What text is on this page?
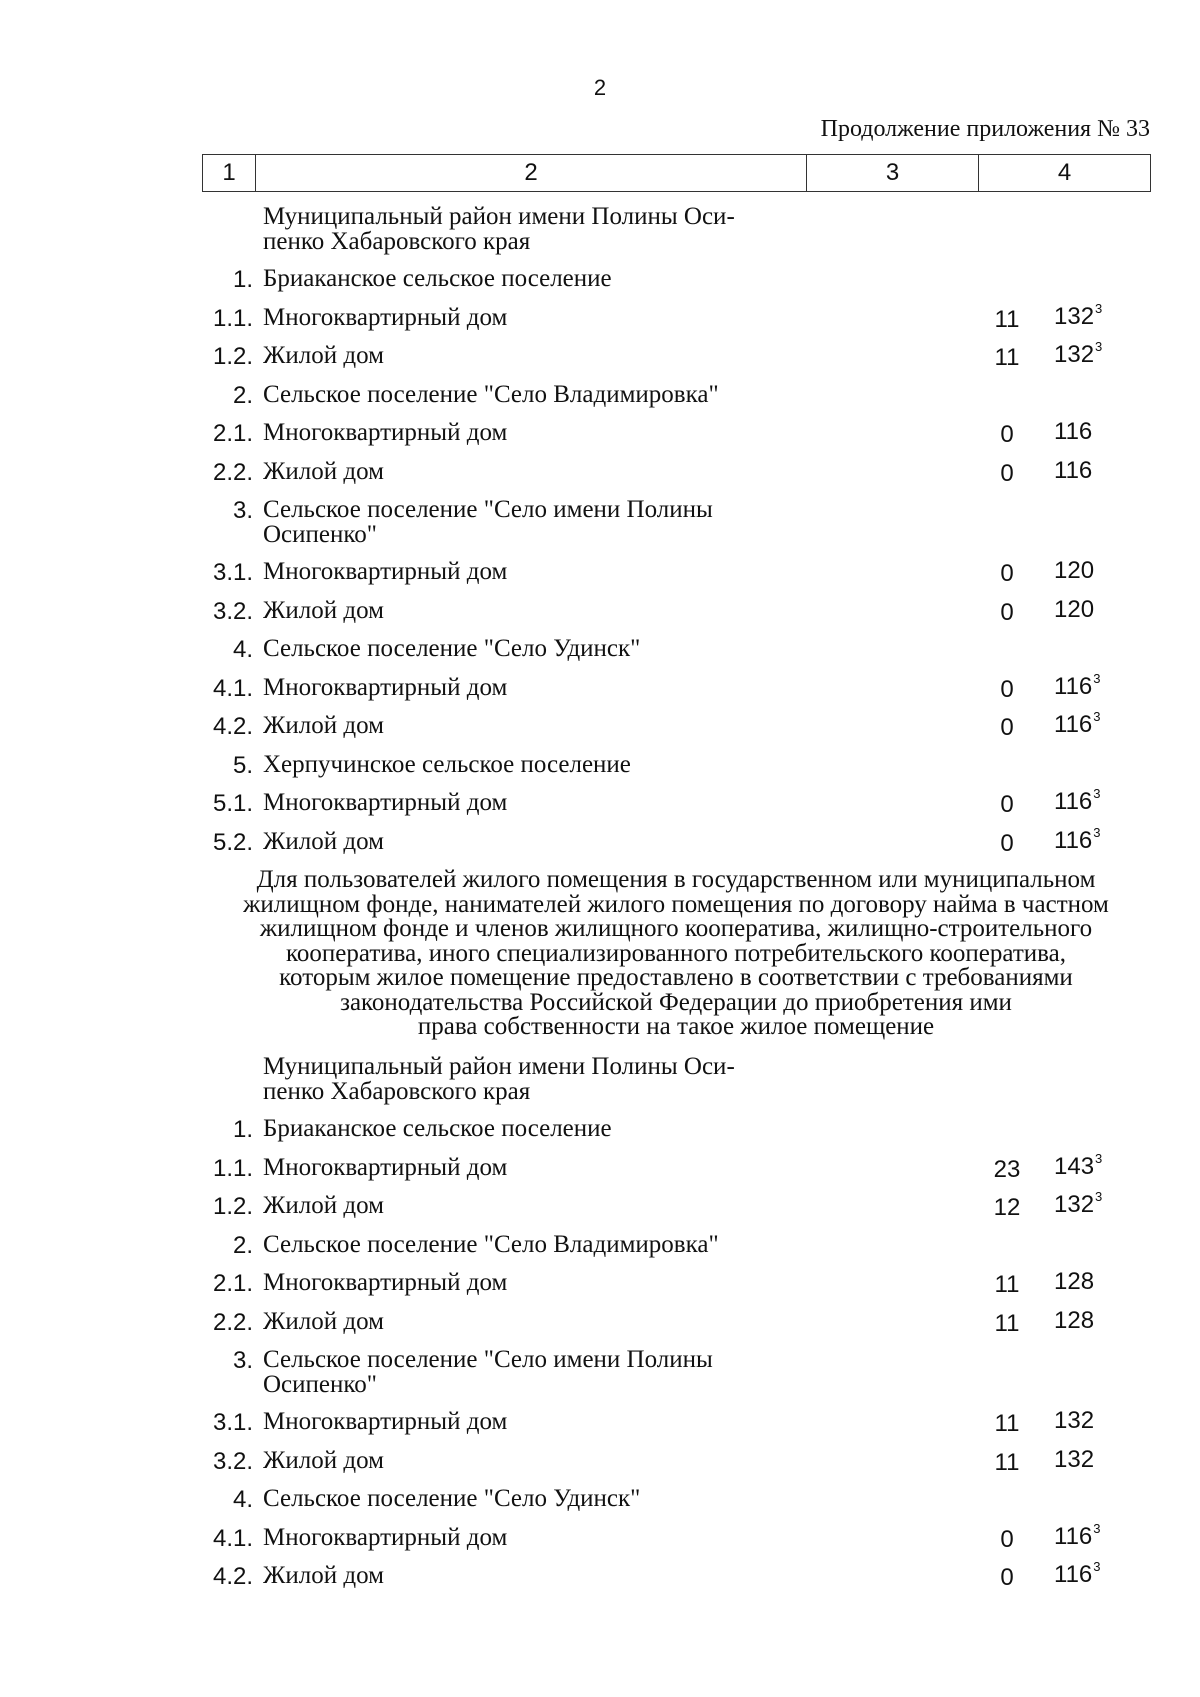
2
Продолжение приложения № 33
1	2	3	4
Муниципальный район имени Полины Оси-
пенко Хабаровского края
1. Бриаканское сельское поселение
1.1. Многоквартирный дом	11 $132^3$
1.2. Жилой дом	11 $132^3$
2. Сельское поселение "Село Владимировка"
2.1. Многоквартирный дом	0 116
2.2. Жилой дом	0 116
3. Сельское поселение "Село имени Полины
Осипенко"
3.1. Многоквартирный дом	0 120
3.2. Жилой дом	0 120
4. Сельское поселение "Село Удинск"
4.1. Многоквартирный дом	0 $116^3$
4.2. Жилой дом	0 $116^3$
5. Херпучинское сельское поселение
5.1. Многоквартирный дом	0 $116^3$
5.2. Жилой дом	0 $116^3$
Для пользователей жилого помещения в государственном или муниципальном
жилищном фонде, нанимателей жилого помещения по договору найма в частном
жилищном фонде и членов жилищного кооператива, жилищно-строительного
кооператива, иного специализированного потребительского кооператива,
которым жилое помещение предоставлено в соответствии с требованиями
законодательства Российской Федерации до приобретения ими
права собственности на такое жилое помещение
Муниципальный район имени Полины Оси-
пенко Хабаровского края
1. Бриаканское сельское поселение
1.1. Многоквартирный дом	23 $143^3$
1.2. Жилой дом	12 $132^3$
2. Сельское поселение "Село Владимировка"
2.1. Многоквартирный дом	11 128
2.2. Жилой дом	11 128
3. Сельское поселение "Село имени Полины
Осипенко"
3.1. Многоквартирный дом	11 132
3.2. Жилой дом	11 132
4. Сельское поселение "Село Удинск"
4.1. Многоквартирный дом	0 $116^3$
4.2. Жилой дом	0 $116^3$
